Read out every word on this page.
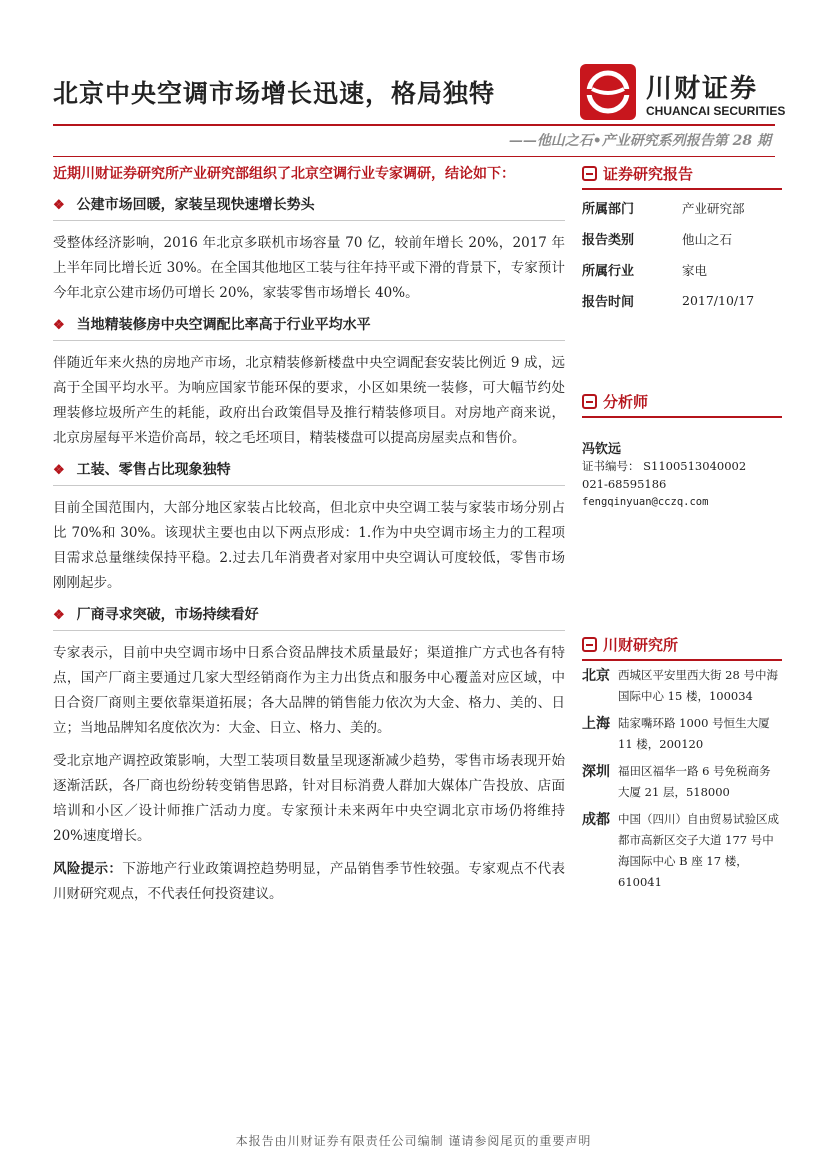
北京中央空调市场增长迅速，格局独特	川财证券
CHUANCAI SECURITIES
——他山之石•产业研究系列报告第 28 期
近期川财证券研究所产业研究部组织了北京空调行业专家调研，结论如下：
❖ 公建市场回暖，家装呈现快速增长势头

受整体经济影响，2016 年北京多联机市场容量 70 亿，较前年增长 20%，2017 年上半年同比增长近 30%。在全国其他地区工装与往年持平或下滑的背景下，专家预计今年北京公建市场仍可增长 20%，家装零售市场增长 40%。

❖ 当地精装修房中央空调配比率高于行业平均水平

伴随近年来火热的房地产市场，北京精装修新楼盘中央空调配套安装比例近 9 成，远高于全国平均水平。为响应国家节能环保的要求，小区如果统一装修，可大幅节约处理装修垃圾所产生的耗能，政府出台政策倡导及推行精装修项目。对房地产商来说，北京房屋每平米造价高昂，较之毛坯项目，精装楼盘可以提高房屋卖点和售价。

❖ 工装、零售占比现象独特

目前全国范围内，大部分地区家装占比较高，但北京中央空调工装与家装市场分别占比 70%和 30%。该现状主要也由以下两点形成：1.作为中央空调市场主力的工程项目需求总量继续保持平稳。2.过去几年消费者对家用中央空调认可度较低，零售市场刚刚起步。

❖ 厂商寻求突破，市场持续看好

专家表示，目前中央空调市场中日系合资品牌技术质量最好；渠道推广方式也各有特点，国产厂商主要通过几家大型经销商作为主力出货点和服务中心覆盖对应区域，中日合资厂商则主要依靠渠道拓展；各大品牌的销售能力依次为大金、格力、美的、日立；当地品牌知名度依次为：大金、日立、格力、美的。

受北京地产调控政策影响，大型工装项目数量呈现逐渐减少趋势，零售市场表现开始逐渐活跃，各厂商也纷纷转变销售思路，针对目标消费人群加大媒体广告投放、店面培训和小区／设计师推广活动力度。专家预计未来两年中央空调北京市场仍将维持 20%速度增长。

风险提示：下游地产行业政策调控趋势明显，产品销售季节性较强。专家观点不代表川财研究观点，不代表任何投资建议。

证券研究报告
所属部门	产业研究部
报告类别	他山之石
所属行业	家电
报告时间	2017/10/17
分析师
冯钦远
证书编号： S1100513040002
021-68595186
fengqinyuan@cczq.com
川财研究所
北京 西城区平安里西大街 28 号中海国际中心 15 楼，100034
上海 陆家嘴环路 1000 号恒生大厦 11 楼，200120
深圳 福田区福华一路 6 号免税商务大厦 21 层，518000
成都 中国（四川）自由贸易试验区成都市高新区交子大道 177 号中海国际中心 B 座 17 楼，610041
本报告由川财证券有限责任公司编制 谨请参阅尾页的重要声明
